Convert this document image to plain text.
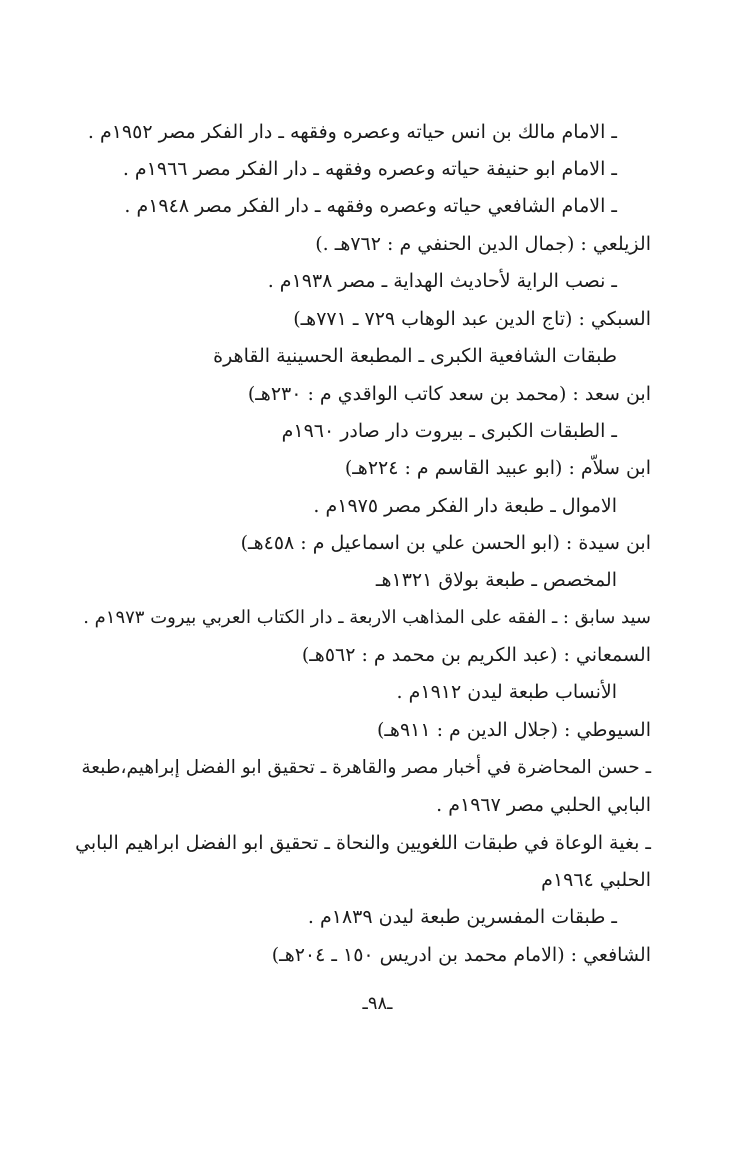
ـ الامام مالك بن انس حياته وعصره وفقهه ـ دار الفكر مصر ١٩٥٢م .
ـ الامام ابو حنيفة حياته وعصره وفقهه ـ دار الفكر مصر ١٩٦٦م .
ـ الامام الشافعي حياته وعصره وفقهه ـ دار الفكر مصر ١٩٤٨م .
الزيلعي : (جمال الدين الحنفي م : ٧٦٢هـ .)
ـ نصب الراية لأحاديث الهداية ـ مصر ١٩٣٨م .
السبكي : (تاج الدين عبد الوهاب ٧٢٩ ـ ٧٧١هـ)
طبقات الشافعية الكبرى ـ المطبعة الحسينية القاهرة
ابن سعد : (محمد بن سعد كاتب الواقدي م : ٢٣٠هـ)
ـ الطبقات الكبرى ـ بيروت دار صادر ١٩٦٠م
ابن سلاّم : (ابو عبيد القاسم م : ٢٢٤هـ)
الاموال ـ طبعة دار الفكر مصر ١٩٧٥م .
ابن سيدة : (ابو الحسن علي بن اسماعيل م : ٤٥٨هـ)
المخصص ـ طبعة بولاق ١٣٢١هـ
سيد سابق : ـ الفقه على المذاهب الاربعة ـ دار الكتاب العربي بيروت ١٩٧٣م .
السمعاني : (عبد الكريم بن محمد م : ٥٦٢هـ)
الأنساب طبعة ليدن ١٩١٢م .
السيوطي : (جلال الدين م : ٩١١هـ)
ـ حسن المحاضرة في أخبار مصر والقاهرة ـ تحقيق ابو الفضل إبراهيم،طبعة
البابي الحلبي مصر ١٩٦٧م .
ـ بغية الوعاة في طبقات اللغويين والنحاة ـ تحقيق ابو الفضل ابراهيم البابي
الحلبي ١٩٦٤م
ـ طبقات المفسرين طبعة ليدن ١٨٣٩م .
الشافعي : (الامام محمد بن ادريس ١٥٠ ـ ٢٠٤هـ)
ـ٩٨ـ
